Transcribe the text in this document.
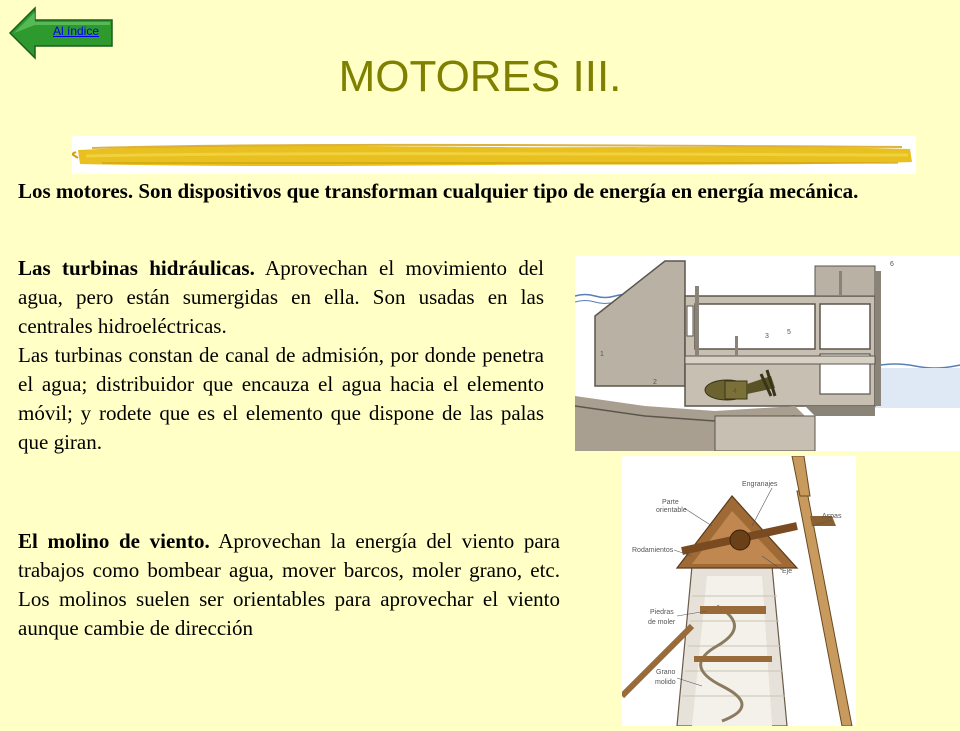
Al índice
MOTORES III.
Los motores. Son dispositivos que transforman cualquier tipo de energía en energía mecánica.
Las turbinas hidráulicas. Aprovechan el movimiento del agua, pero están sumergidas en ella. Son usadas en las centrales hidroeléctricas.
Las turbinas constan de canal de admisión, por donde penetra el agua; distribuidor que encauza el agua hacia el elemento móvil; y rodete que es el elemento que dispone de las palas que giran.
El molino de viento. Aprovechan la energía del viento para trabajos como bombear agua, mover barcos, moler grano, etc. Los molinos suelen ser orientables para aprovechar el viento aunque cambie de dirección
1
2
3
4
5
6
Parte
orientable
Engranajes
Aspas
Rodamientos
Eje
Piedras
de moler
Grano
molido
